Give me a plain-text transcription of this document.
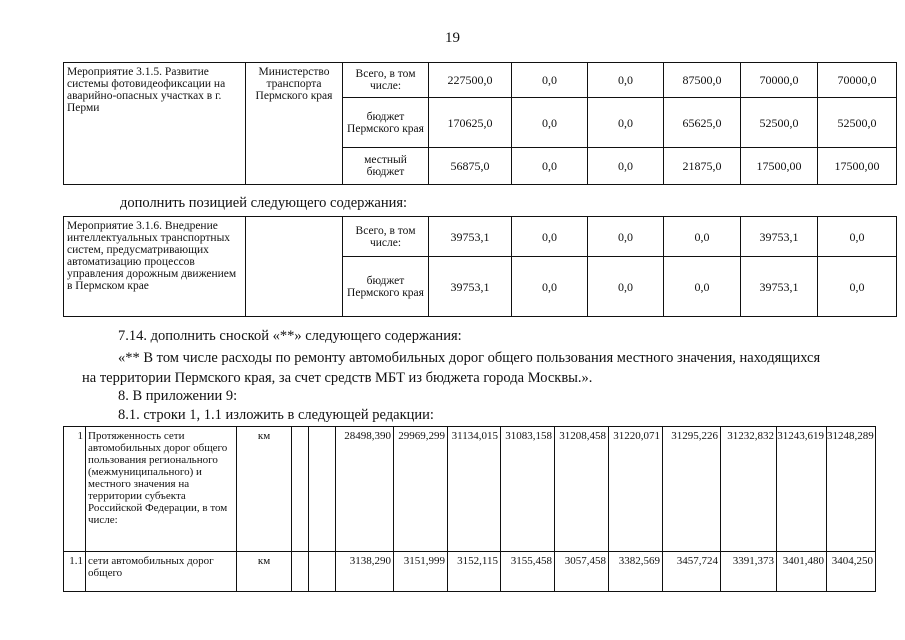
19
Мероприятие 3.1.5. Развитие системы фотовидеофиксации на аварийно-опасных участках в г. Перми	Министерство транспорта Пермского края	Всего, в том числе:	227500,0	0,0	0,0	87500,0	70000,0	70000,0
		бюджет Пермского края	170625,0	0,0	0,0	65625,0	52500,0	52500,0
		местный бюджет	56875,0	0,0	0,0	21875,0	17500,00	17500,00
дополнить позицией следующего содержания:
Мероприятие 3.1.6. Внедрение интеллектуальных транспортных систем, предусматривающих автоматизацию процессов управления дорожным движением в Пермском крае		Всего, в том числе:	39753,1	0,0	0,0	0,0	39753,1	0,0
		бюджет Пермского края	39753,1	0,0	0,0	0,0	39753,1	0,0
7.14. дополнить сноской «**» следующего содержания:
«** В том числе расходы по ремонту автомобильных дорог общего пользования местного значения, находящихся
на территории Пермского края, за счет средств МБТ из бюджета города Москвы.».
8. В приложении 9:
8.1. строки 1, 1.1 изложить в следующей редакции:
1	Протяженность сети автомобильных дорог общего пользования регионального (межмуниципального) и местного значения на территории субъекта Российской Федерации, в том числе:	км			28498,390	29969,299	31134,015	31083,158	31208,458	31220,071	31295,226	31232,832	31243,619	31248,289
1.1	сети автомобильных дорог общего	км			3138,290	3151,999	3152,115	3155,458	3057,458	3382,569	3457,724	3391,373	3401,480	3404,250
